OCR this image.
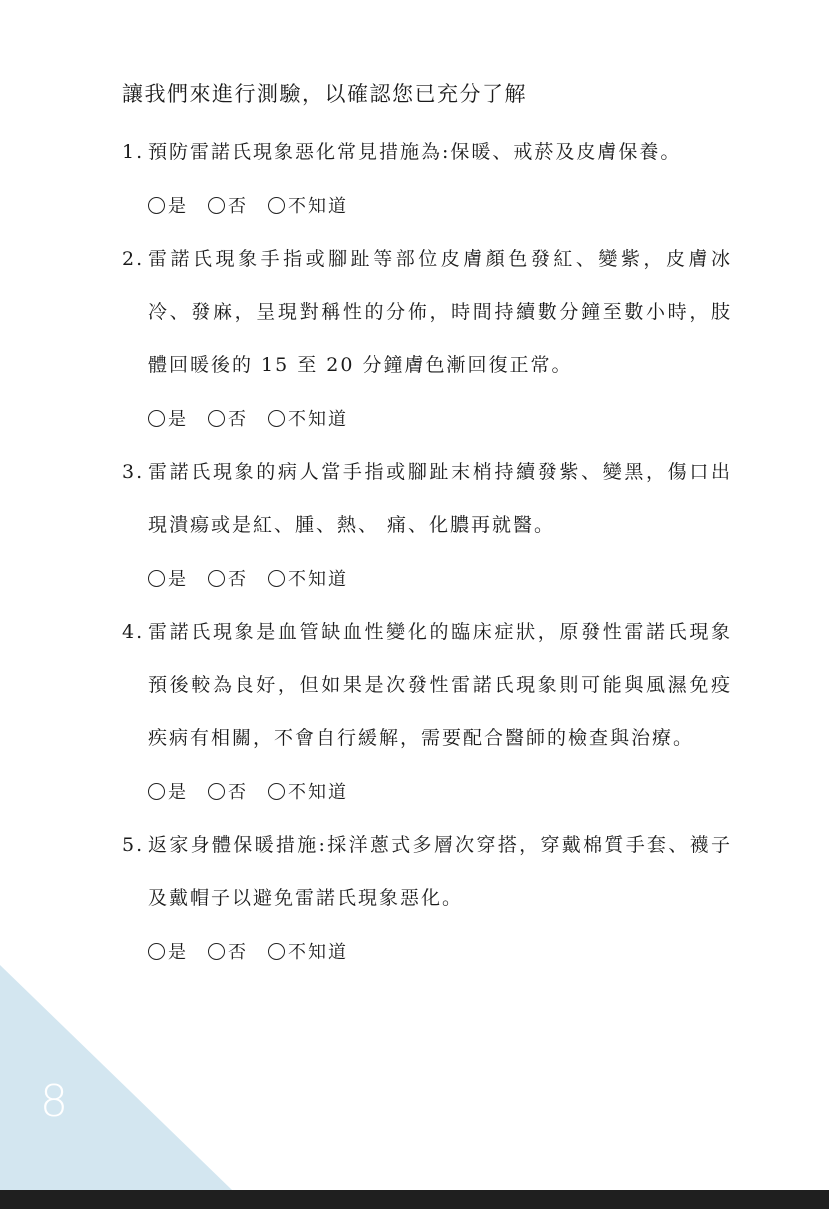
8
讓我們來進行測驗，以確認您已充分了解
1. 預防雷諾氏現象惡化常見措施為:保暖、戒菸及皮膚保養。
是 否 不知道
2. 雷諾氏現象手指或腳趾等部位皮膚顏色發紅、變紫，皮膚冰冷、發麻，呈現對稱性的分佈，時間持續數分鐘至數小時，肢體回暖後的 15 至 20 分鐘膚色漸回復正常。
是 否 不知道
3. 雷諾氏現象的病人當手指或腳趾末梢持續發紫、變黑，傷口出現潰瘍或是紅、腫、熱、 痛、化膿再就醫。
是 否 不知道
4. 雷諾氏現象是血管缺血性變化的臨床症狀，原發性雷諾氏現象預後較為良好，但如果是次發性雷諾氏現象則可能與風濕免疫疾病有相關，不會自行緩解，需要配合醫師的檢查與治療。
是 否 不知道
5. 返家身體保暖措施:採洋蔥式多層次穿搭，穿戴棉質手套、襪子及戴帽子以避免雷諾氏現象惡化。
是 否 不知道
